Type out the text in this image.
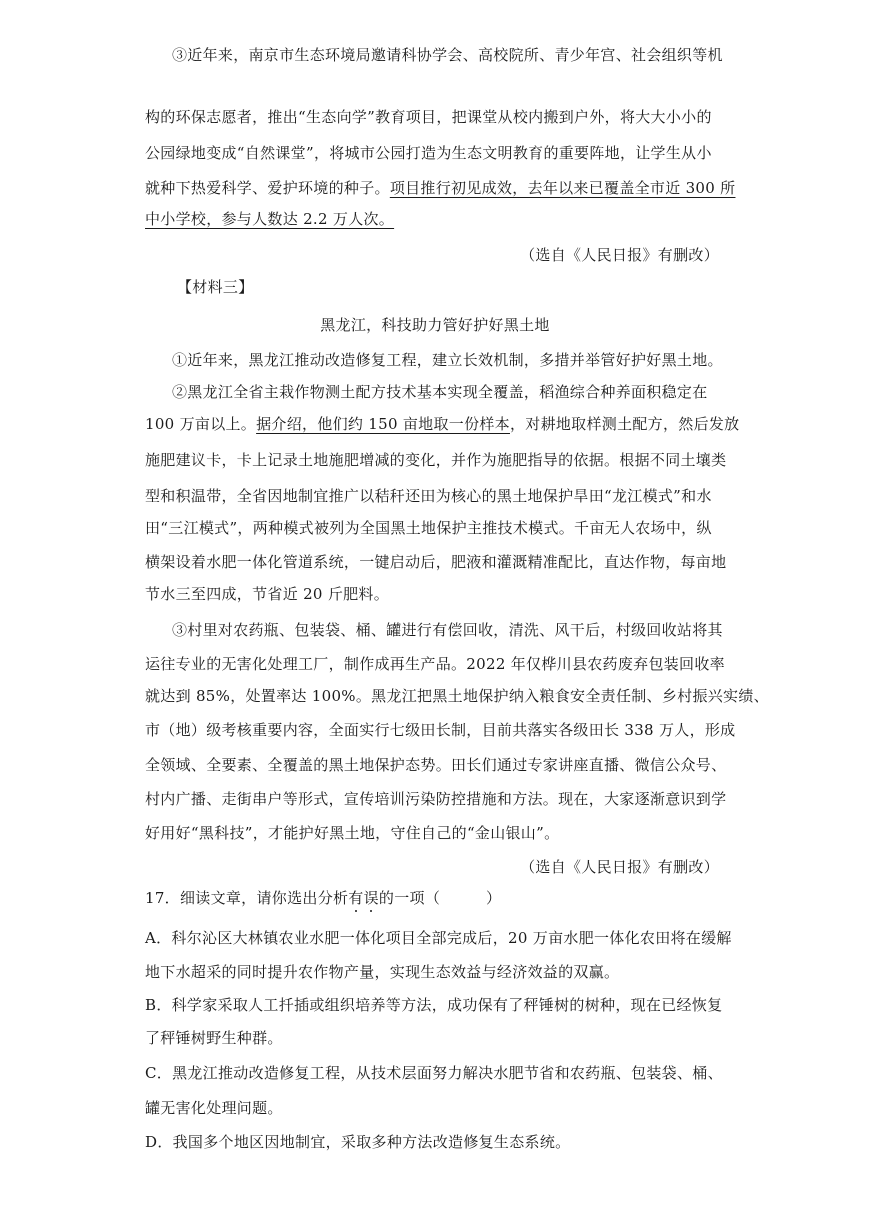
③近年来，南京市生态环境局邀请科协学会、高校院所、青少年宫、社会组织等机
构的环保志愿者，推出“生态向学”教育项目，把课堂从校内搬到户外，将大大小小的
公园绿地变成“自然课堂”，将城市公园打造为生态文明教育的重要阵地，让学生从小
就种下热爱科学、爱护环境的种子。项目推行初见成效，去年以来已覆盖全市近 300 所
中小学校，参与人数达 2.2 万人次。
（选自《人民日报》有删改）
【材料三】
黑龙江，科技助力管好护好黑土地
①近年来，黑龙江推动改造修复工程，建立长效机制，多措并举管好护好黑土地。
②黑龙江全省主栽作物测土配方技术基本实现全覆盖，稻渔综合种养面积稳定在
100 万亩以上。据介绍，他们约 150 亩地取一份样本，对耕地取样测土配方，然后发放
施肥建议卡，卡上记录土地施肥增减的变化，并作为施肥指导的依据。根据不同土壤类
型和积温带，全省因地制宜推广以秸秆还田为核心的黑土地保护旱田“龙江模式”和水
田“三江模式”，两种模式被列为全国黑土地保护主推技术模式。千亩无人农场中，纵
横架设着水肥一体化管道系统，一键启动后，肥液和灌溉精准配比，直达作物，每亩地
节水三至四成，节省近 20 斤肥料。
③村里对农药瓶、包装袋、桶、罐进行有偿回收，清洗、风干后，村级回收站将其
运往专业的无害化处理工厂，制作成再生产品。2022 年仅桦川县农药废弃包装回收率
就达到 85%，处置率达 100%。黑龙江把黑土地保护纳入粮食安全责任制、乡村振兴实绩、
市（地）级考核重要内容，全面实行七级田长制，目前共落实各级田长 338 万人，形成
全领域、全要素、全覆盖的黑土地保护态势。田长们通过专家讲座直播、微信公众号、
村内广播、走街串户等形式，宣传培训污染防控措施和方法。现在，大家逐渐意识到学
好用好“黑科技”，才能护好黑土地，守住自己的“金山银山”。
（选自《人民日报》有删改）
17．细读文章，请你选出分析有误的一项（　　　）
A．科尔沁区大林镇农业水肥一体化项目全部完成后，20 万亩水肥一体化农田将在缓解
地下水超采的同时提升农作物产量，实现生态效益与经济效益的双赢。
B．科学家采取人工扦插或组织培养等方法，成功保有了秤锤树的树种，现在已经恢复
了秤锤树野生种群。
C．黑龙江推动改造修复工程，从技术层面努力解决水肥节省和农药瓶、包装袋、桶、
罐无害化处理问题。
D．我国多个地区因地制宜，采取多种方法改造修复生态系统。
